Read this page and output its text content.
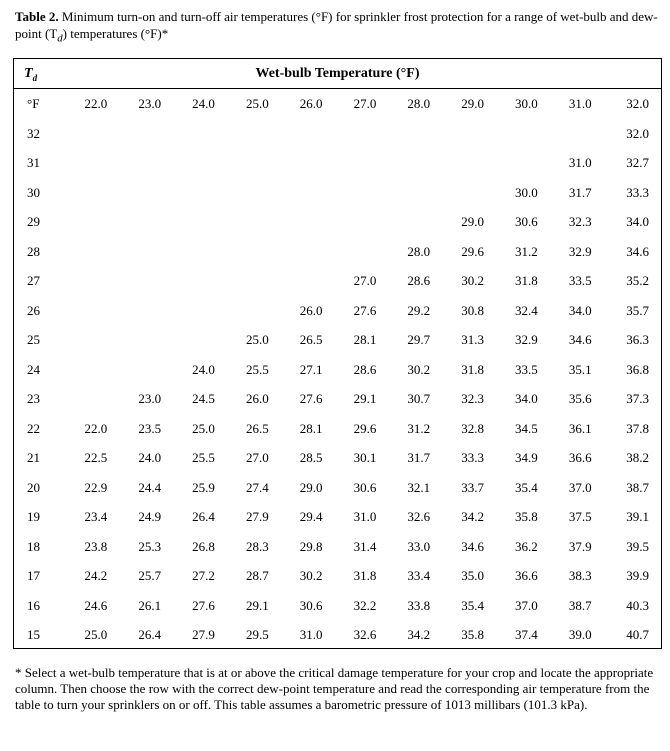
Table 2. Minimum turn-on and turn-off air temperatures (°F) for sprinkler frost protection for a range of wet-bulb and dew-point $(T_d)$ temperatures (°F)*
Wet-bulb Temperature (°F)
$T_d$
°F	22.0	23.0	24.0	25.0	26.0	27.0	28.0	29.0	30.0	31.0	32.0
32											32.0
31										31.0	32.7
30									30.0	31.7	33.3
29								29.0	30.6	32.3	34.0
28							28.0	29.6	31.2	32.9	34.6
27						27.0	28.6	30.2	31.8	33.5	35.2
26					26.0	27.6	29.2	30.8	32.4	34.0	35.7
25				25.0	26.5	28.1	29.7	31.3	32.9	34.6	36.3
24			24.0	25.5	27.1	28.6	30.2	31.8	33.5	35.1	36.8
23		23.0	24.5	26.0	27.6	29.1	30.7	32.3	34.0	35.6	37.3
22	22.0	23.5	25.0	26.5	28.1	29.6	31.2	32.8	34.5	36.1	37.8
21	22.5	24.0	25.5	27.0	28.5	30.1	31.7	33.3	34.9	36.6	38.2
20	22.9	24.4	25.9	27.4	29.0	30.6	32.1	33.7	35.4	37.0	38.7
19	23.4	24.9	26.4	27.9	29.4	31.0	32.6	34.2	35.8	37.5	39.1
18	23.8	25.3	26.8	28.3	29.8	31.4	33.0	34.6	36.2	37.9	39.5
17	24.2	25.7	27.2	28.7	30.2	31.8	33.4	35.0	36.6	38.3	39.9
16	24.6	26.1	27.6	29.1	30.6	32.2	33.8	35.4	37.0	38.7	40.3
15	25.0	26.4	27.9	29.5	31.0	32.6	34.2	35.8	37.4	39.0	40.7
* Select a wet-bulb temperature that is at or above the critical damage temperature for your crop and locate the appropriate column. Then choose the row with the correct dew-point temperature and read the corresponding air temperature from the table to turn your sprinklers on or off. This table assumes a barometric pressure of 1013 millibars (101.3 kPa).
